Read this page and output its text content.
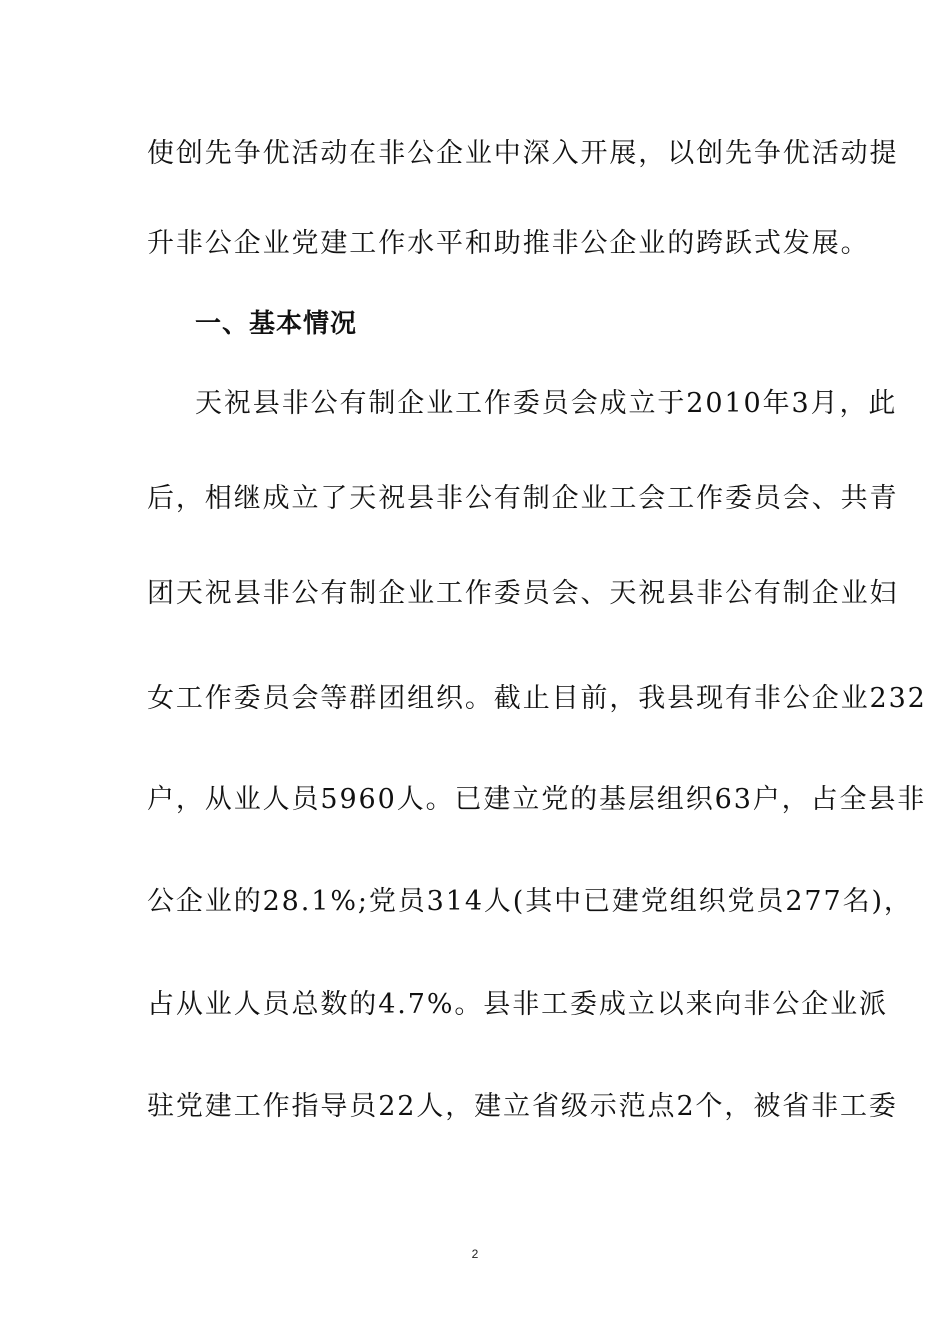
使创先争优活动在非公企业中深入开展，以创先争优活动提
升非公企业党建工作水平和助推非公企业的跨跃式发展。
一、基本情况
天祝县非公有制企业工作委员会成立于2010年3月，此
后，相继成立了天祝县非公有制企业工会工作委员会、共青
团天祝县非公有制企业工作委员会、天祝县非公有制企业妇
女工作委员会等群团组织。截止目前，我县现有非公企业232
户，从业人员5960人。已建立党的基层组织63户，占全县非
公企业的28.1%;党员314人(其中已建党组织党员277名)，
占从业人员总数的4.7%。县非工委成立以来向非公企业派
驻党建工作指导员22人，建立省级示范点2个，被省非工委
2
